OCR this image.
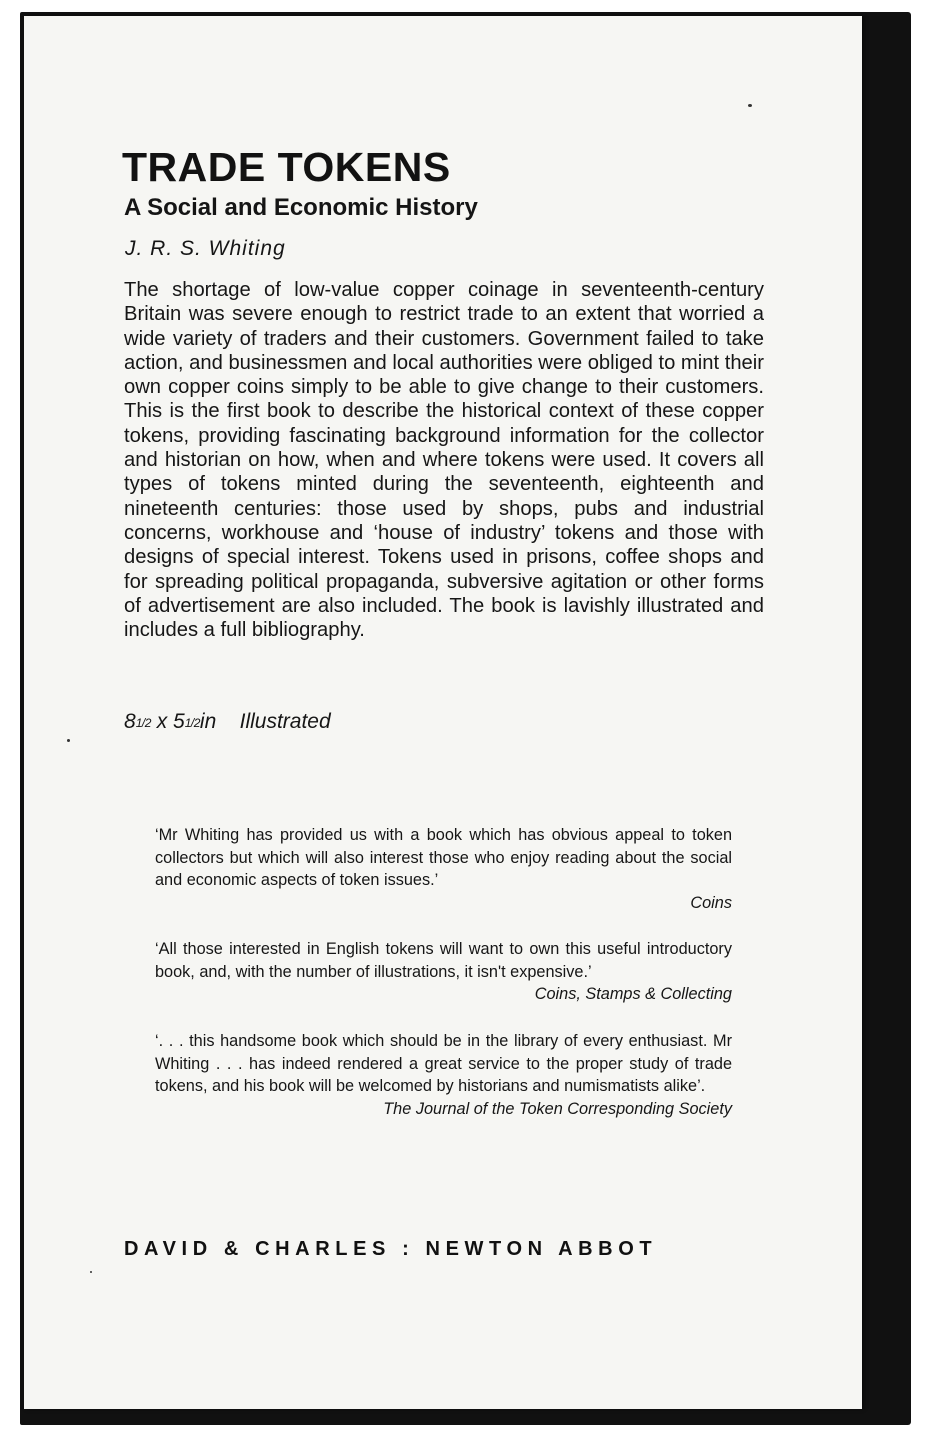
TRADE TOKENS
A Social and Economic History

J. R. S. Whiting

The shortage of low-value copper coinage in seventeenth-century Britain was severe enough to restrict trade to an extent that worried a wide variety of traders and their customers. Government failed to take action, and businessmen and local authorities were obliged to mint their own copper coins simply to be able to give change to their customers. This is the first book to describe the historical context of these copper tokens, providing fascinating background information for the collector and historian on how, when and where tokens were used. It covers all types of tokens minted during the seventeenth, eighteenth and nineteenth centuries: those used by shops, pubs and industrial concerns, workhouse and ‘house of industry’ tokens and those with designs of special interest. Tokens used in prisons, coffee shops and for spreading political propaganda, subversive agitation or other forms of advertisement are also included. The book is lavishly illustrated and includes a full bibliography.

81/2 x 51/2in Illustrated

‘Mr Whiting has provided us with a book which has obvious appeal to token collectors but which will also interest those who enjoy reading about the social and economic aspects of token issues.’
Coins
‘All those interested in English tokens will want to own this useful introductory book, and, with the number of illustrations, it isn't expensive.’
Coins, Stamps & Collecting
‘. . . this handsome book which should be in the library of every enthusiast. Mr Whiting . . . has indeed rendered a great service to the proper study of trade tokens, and his book will be welcomed by historians and numismatists alike’.
The Journal of the Token Corresponding Society

DAVID & CHARLES : NEWTON ABBOT
